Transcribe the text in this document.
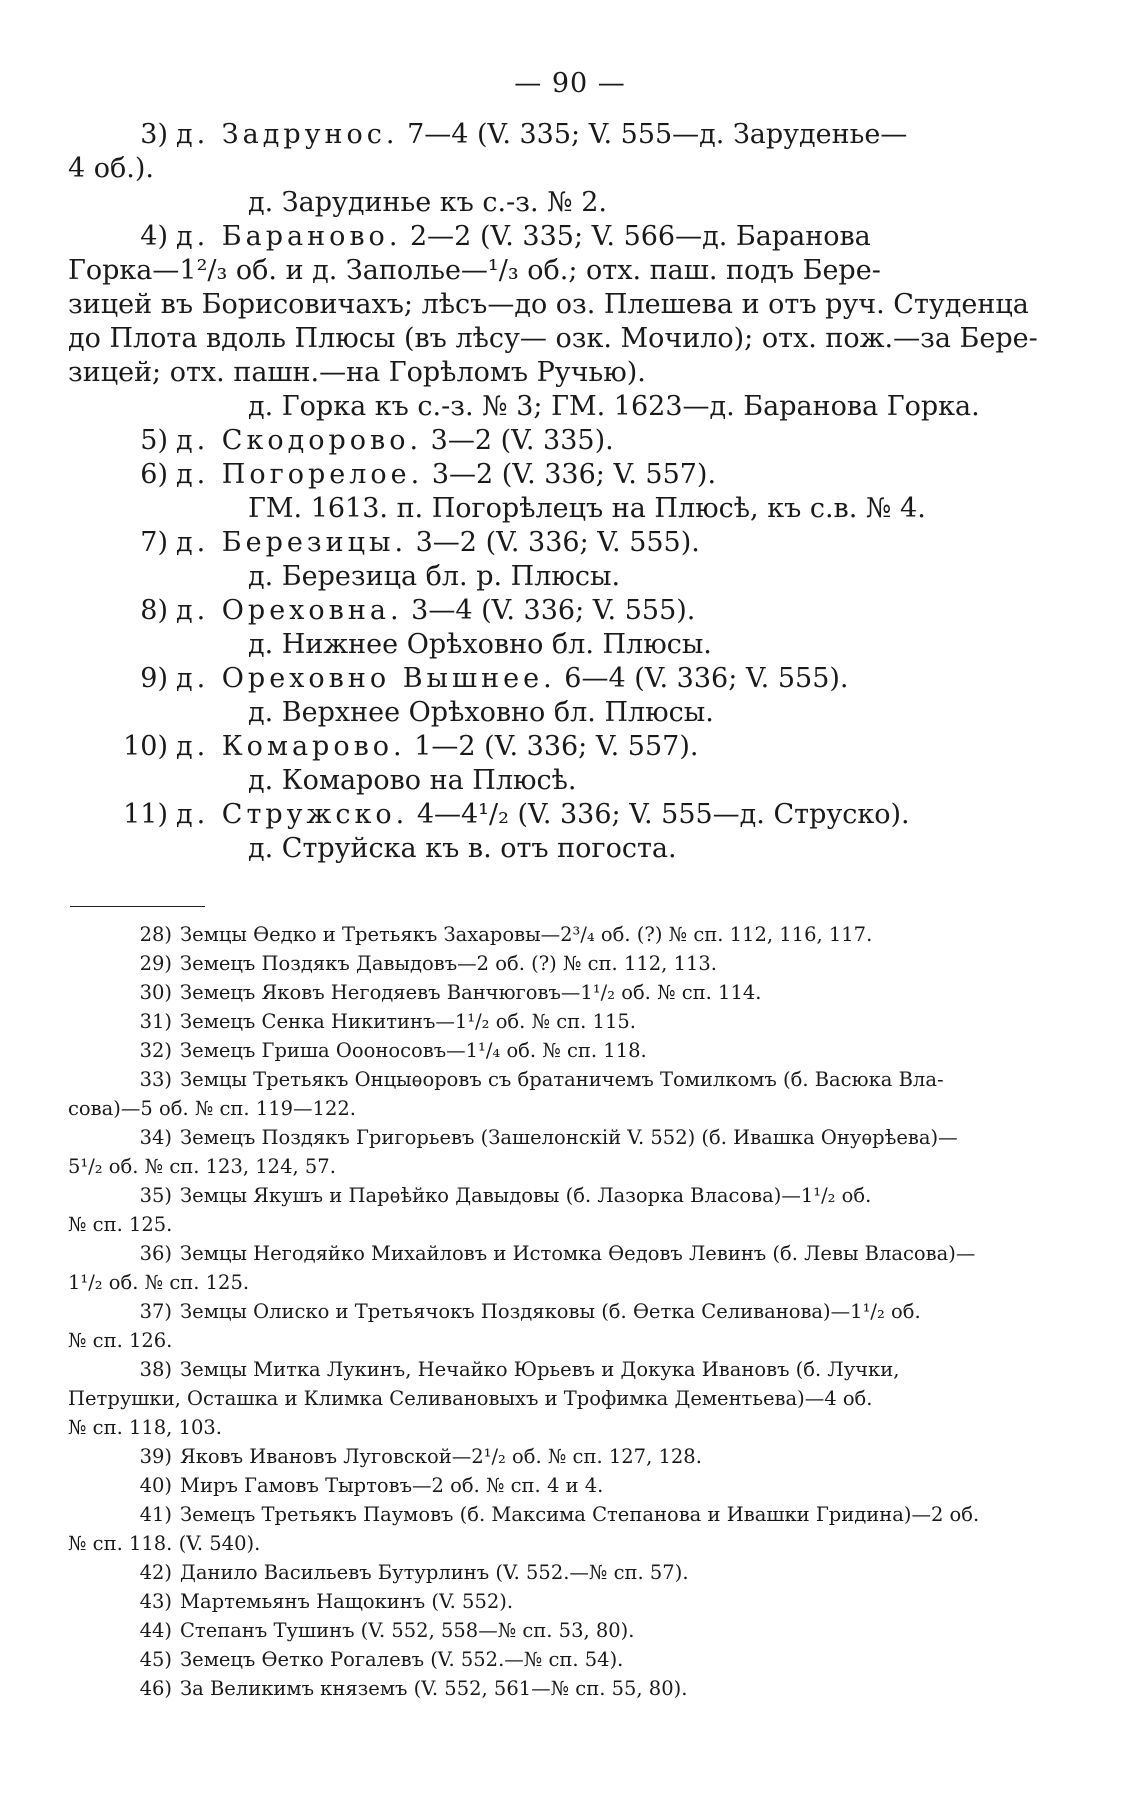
— 90 —
3) д. Задрунос. 7—4 (V. 335; V. 555—д. Заруденье—
4 об.).
д. Зарудинье къ с.-з. № 2.
4) д. Бараново. 2—2 (V. 335; V. 566—д. Баранова
Горка—1²/₃ об. и д. Заполье—¹/₃ об.; отх. паш. подъ Бере-
зицей въ Борисовичахъ; лѣсъ—до оз. Плешева и отъ руч. Студенца
до Плота вдоль Плюсы (въ лѣсу— озк. Мочило); отх. пож.—за Бере-
зицей; отх. пашн.—на Горѣломъ Ручью).
д. Горка къ с.-з. № 3; ГМ. 1623—д. Баранова Горка.
5) д. Скодорово. 3—2 (V. 335).
6) д. Погорелое. 3—2 (V. 336; V. 557).
ГМ. 1613. п. Погорѣлецъ на Плюсѣ, къ с.в. № 4.
7) д. Березицы. 3—2 (V. 336; V. 555).
д. Березица бл. р. Плюсы.
8) д. Ореховна. 3—4 (V. 336; V. 555).
д. Нижнее Орѣховно бл. Плюсы.
9) д. Ореховно Вышнее. 6—4 (V. 336; V. 555).
д. Верхнее Орѣховно бл. Плюсы.
10) д. Комарово. 1—2 (V. 336; V. 557).
д. Комарово на Плюсѣ.
11) д. Стружско. 4—4¹/₂ (V. 336; V. 555—д. Струско).
д. Струйска къ в. отъ погоста.
28) Земцы Ѳедко и Третьякъ Захаровы—2³/₄ об. (?) № сп. 112, 116, 117.
29) Земецъ Поздякъ Давыдовъ—2 об. (?) № сп. 112, 113.
30) Земецъ Яковъ Негодяевъ Ванчюговъ—1¹/₂ об. № сп. 114.
31) Земецъ Сенка Никитинъ—1¹/₂ об. № сп. 115.
32) Земецъ Гриша Оооносовъ—1¹/₄ об. № сп. 118.
33) Земцы Третьякъ Онцыѳоровъ съ братаничемъ Томилкомъ (б. Васюка Вла-
сова)—5 об. № сп. 119—122.
34) Земецъ Поздякъ Григорьевъ (Зашелонскій V. 552) (б. Ивашка Онуѳрѣева)—
5¹/₂ об. № сп. 123, 124, 57.
35) Земцы Якушъ и Парѳѣйко Давыдовы (б. Лазорка Власова)—1¹/₂ об.
№ сп. 125.
36) Земцы Негодяйко Михайловъ и Истомка Ѳедовъ Левинъ (б. Левы Власова)—
1¹/₂ об. № сп. 125.
37) Земцы Олиско и Третьячокъ Поздяковы (б. Ѳетка Селиванова)—1¹/₂ об.
№ сп. 126.
38) Земцы Митка Лукинъ, Нечайко Юрьевъ и Докука Ивановъ (б. Лучки,
Петрушки, Осташка и Климка Селивановыхъ и Трофимка Дементьева)—4 об.
№ сп. 118, 103.
39) Яковъ Ивановъ Луговской—2¹/₂ об. № сп. 127, 128.
40) Миръ Гамовъ Тыртовъ—2 об. № сп. 4 и 4.
41) Земецъ Третьякъ Паумовъ (б. Максима Степанова и Ивашки Гридина)—2 об.
№ сп. 118. (V. 540).
42) Данило Васильевъ Бутурлинъ (V. 552.—№ сп. 57).
43) Мартемьянъ Нащокинъ (V. 552).
44) Степанъ Тушинъ (V. 552, 558—№ сп. 53, 80).
45) Земецъ Ѳетко Рогалевъ (V. 552.—№ сп. 54).
46) За Великимъ княземъ (V. 552, 561—№ сп. 55, 80).
